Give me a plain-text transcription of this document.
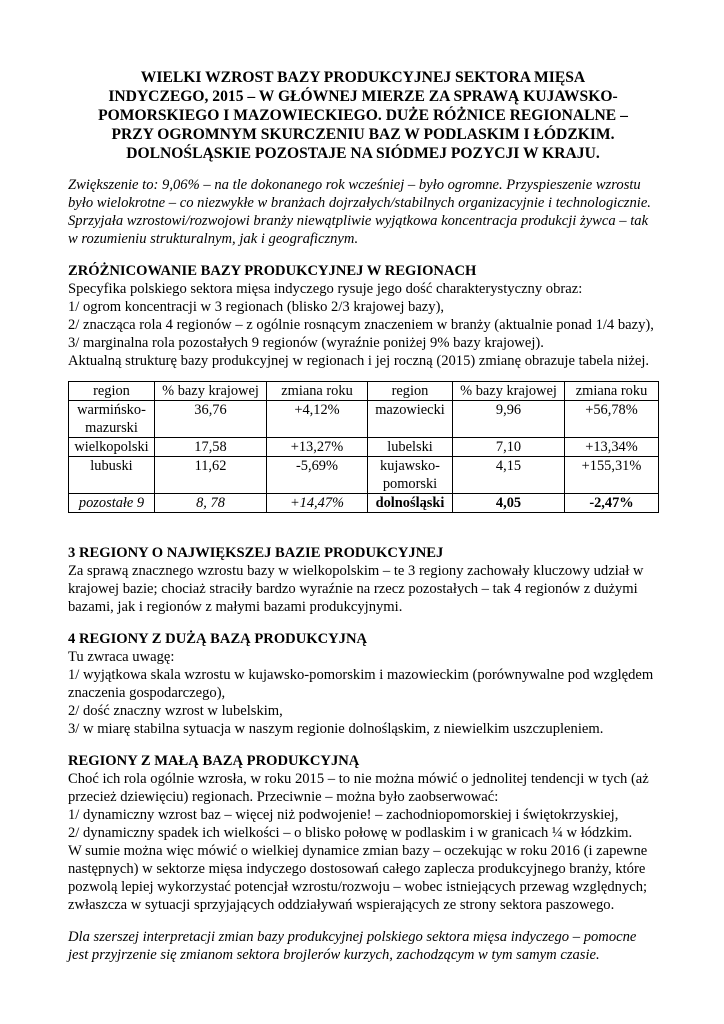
WIELKI WZROST BAZY PRODUKCYJNEJ SEKTORA MIĘSA
INDYCZEGO, 2015 – W GŁÓWNEJ MIERZE ZA SPRAWĄ KUJAWSKO-
POMORSKIEGO I MAZOWIECKIEGO. DUŻE RÓŻNICE REGIONALNE –
PRZY OGROMNYM SKURCZENIU BAZ W PODLASKIM I ŁÓDZKIM.
DOLNOŚLĄSKIE POZOSTAJE NA SIÓDMEJ POZYCJI W KRAJU.
Zwiększenie to: 9,06% – na tle dokonanego rok wcześniej – było ogromne. Przyspieszenie wzrostu
było wielokrotne – co niezwykłe w branżach dojrzałych/stabilnych organizacyjnie i technologicznie.
Sprzyjała wzrostowi/rozwojowi branży niewątpliwie wyjątkowa koncentracja produkcji żywca – tak
w rozumieniu strukturalnym, jak i geograficznym.
ZRÓŻNICOWANIE BAZY PRODUKCYJNEJ W REGIONACH
Specyfika polskiego sektora mięsa indyczego rysuje jego dość charakterystyczny obraz:
1/ ogrom koncentracji w 3 regionach (blisko 2/3 krajowej bazy),
2/ znacząca rola 4 regionów – z ogólnie rosnącym znaczeniem w branży (aktualnie ponad 1/4 bazy),
3/ marginalna rola pozostałych 9 regionów (wyraźnie poniżej 9% bazy krajowej).
Aktualną strukturę bazy produkcyjnej w regionach i jej roczną (2015) zmianę obrazuje tabela niżej.
region	% bazy krajowej	zmiana roku	region	% bazy krajowej	zmiana roku

warmińsko-
mazurski	36,76	+4,12%	mazowiecki	9,96	+56,78%
wielkopolski	17,58	+13,27%	lubelski	7,10	+13,34%
lubuski	11,62	-5,69%	kujawsko-
pomorski	4,15	+155,31%
pozostałe 9	8, 78	+14,47%	dolnośląski	4,05	-2,47%
3 REGIONY O NAJWIĘKSZEJ BAZIE PRODUKCYJNEJ
Za sprawą znacznego wzrostu bazy w wielkopolskim – te 3 regiony zachowały kluczowy udział w
krajowej bazie; chociaż straciły bardzo wyraźnie na rzecz pozostałych – tak 4 regionów z dużymi
bazami, jak i regionów z małymi bazami produkcyjnymi.
4 REGIONY Z DUŻĄ BAZĄ PRODUKCYJNĄ
Tu zwraca uwagę:
1/ wyjątkowa skala wzrostu w kujawsko-pomorskim i mazowieckim (porównywalne pod względem
znaczenia gospodarczego),
2/ dość znaczny wzrost w lubelskim,
3/ w miarę stabilna sytuacja w naszym regionie dolnośląskim, z niewielkim uszczupleniem.
REGIONY Z MAŁĄ BAZĄ PRODUKCYJNĄ
Choć ich rola ogólnie wzrosła, w roku 2015 – to nie można mówić o jednolitej tendencji w tych (aż
przecież dziewięciu) regionach. Przeciwnie – można było zaobserwować:
1/ dynamiczny wzrost baz – więcej niż podwojenie! – zachodniopomorskiej i świętokrzyskiej,
2/ dynamiczny spadek ich wielkości – o blisko połowę w podlaskim i w granicach ¼ w łódzkim.
W sumie można więc mówić o wielkiej dynamice zmian bazy – oczekując w roku 2016 (i zapewne
następnych) w sektorze mięsa indyczego dostosowań całego zaplecza produkcyjnego branży, które
pozwolą lepiej wykorzystać potencjał wzrostu/rozwoju – wobec istniejących przewag względnych;
zwłaszcza w sytuacji sprzyjających oddziaływań wspierających ze strony sektora paszowego.
Dla szerszej interpretacji zmian bazy produkcyjnej polskiego sektora mięsa indyczego – pomocne
jest przyjrzenie się zmianom sektora brojlerów kurzych, zachodzącym w tym samym czasie.
